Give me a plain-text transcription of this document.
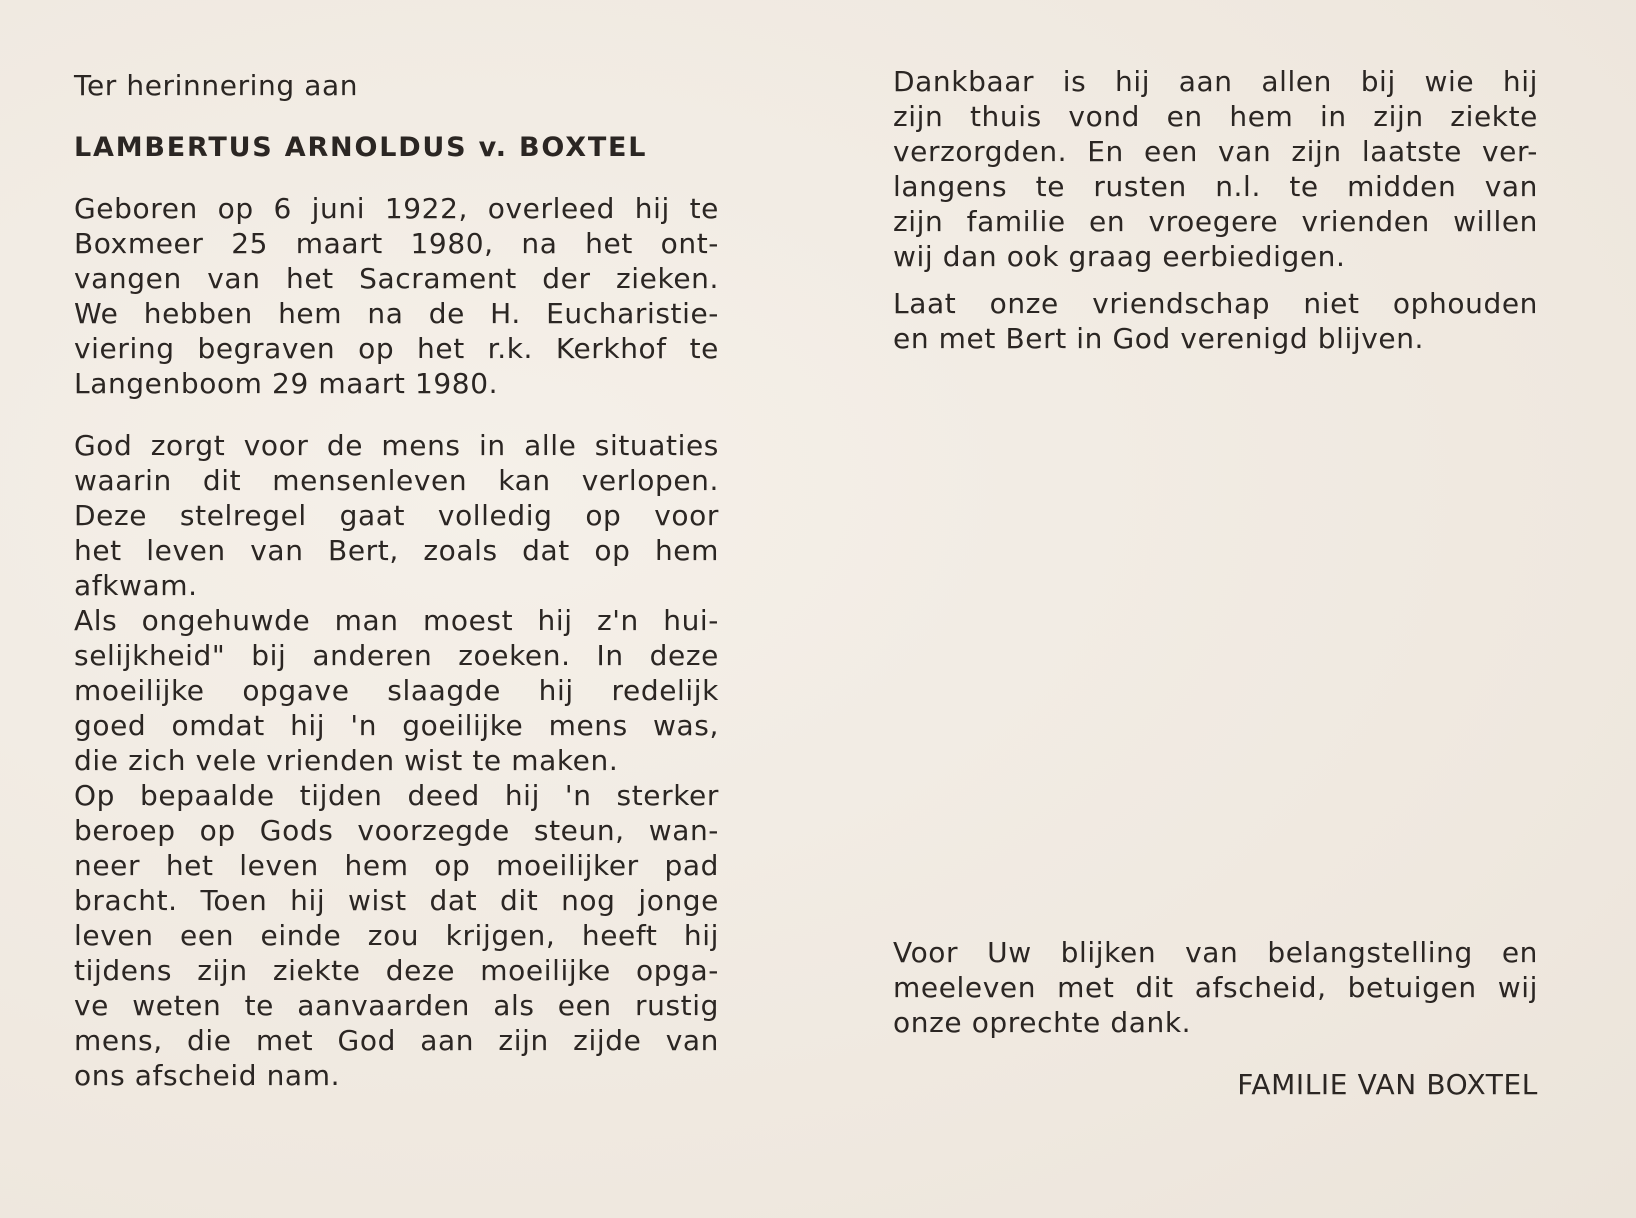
Ter herinnering aan
LAMBERTUS ARNOLDUS v. BOXTEL
Geboren op 6 juni 1922, overleed hij te
Boxmeer 25 maart 1980, na het ont-
vangen van het Sacrament der zieken.
We hebben hem na de H. Eucharistie-
viering begraven op het r.k. Kerkhof te
Langenboom 29 maart 1980.
God zorgt voor de mens in alle situaties
waarin dit mensenleven kan verlopen.
Deze stelregel gaat volledig op voor
het leven van Bert, zoals dat op hem
afkwam.
Als ongehuwde man moest hij z'n hui-
selijkheid" bij anderen zoeken. In deze
moeilijke opgave slaagde hij redelijk
goed omdat hij 'n goeilijke mens was,
die zich vele vrienden wist te maken.
Op bepaalde tijden deed hij 'n sterker
beroep op Gods voorzegde steun, wan-
neer het leven hem op moeilijker pad
bracht. Toen hij wist dat dit nog jonge
leven een einde zou krijgen, heeft hij
tijdens zijn ziekte deze moeilijke opga-
ve weten te aanvaarden als een rustig
mens, die met God aan zijn zijde van
ons afscheid nam.
Dankbaar is hij aan allen bij wie hij
zijn thuis vond en hem in zijn ziekte
verzorgden. En een van zijn laatste ver-
langens te rusten n.l. te midden van
zijn familie en vroegere vrienden willen
wij dan ook graag eerbiedigen.
Laat onze vriendschap niet ophouden
en met Bert in God verenigd blijven.
Voor Uw blijken van belangstelling en
meeleven met dit afscheid, betuigen wij
onze oprechte dank.
FAMILIE VAN BOXTEL
